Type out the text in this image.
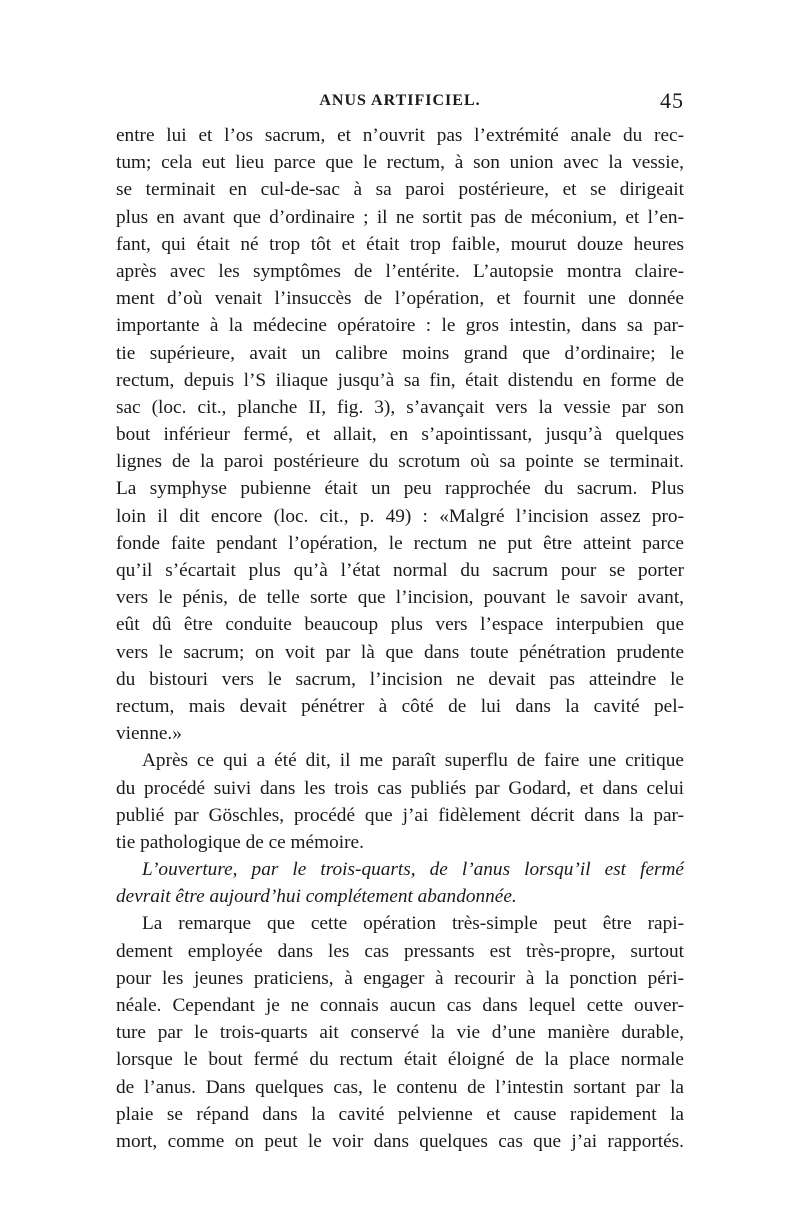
ANUS ARTIFICIEL.	45
entre lui et l’os sacrum, et n’ouvrit pas l’extrémité anale du rec-
tum; cela eut lieu parce que le rectum, à son union avec la vessie,
se terminait en cul-de-sac à sa paroi postérieure, et se dirigeait
plus en avant que d’ordinaire ; il ne sortit pas de méconium, et l’en-
fant, qui était né trop tôt et était trop faible, mourut douze heures
après avec les symptômes de l’entérite. L’autopsie montra claire-
ment d’où venait l’insuccès de l’opération, et fournit une donnée
importante à la médecine opératoire : le gros intestin, dans sa par-
tie supérieure, avait un calibre moins grand que d’ordinaire; le
rectum, depuis l’S iliaque jusqu’à sa fin, était distendu en forme de
sac (loc. cit., planche II, fig. 3), s’avançait vers la vessie par son
bout inférieur fermé, et allait, en s’apointissant, jusqu’à quelques
lignes de la paroi postérieure du scrotum où sa pointe se terminait.
La symphyse pubienne était un peu rapprochée du sacrum. Plus
loin il dit encore (loc. cit., p. 49) : «Malgré l’incision assez pro-
fonde faite pendant l’opération, le rectum ne put être atteint parce
qu’il s’écartait plus qu’à l’état normal du sacrum pour se porter
vers le pénis, de telle sorte que l’incision, pouvant le savoir avant,
eût dû être conduite beaucoup plus vers l’espace interpubien que
vers le sacrum; on voit par là que dans toute pénétration prudente
du bistouri vers le sacrum, l’incision ne devait pas atteindre le
rectum, mais devait pénétrer à côté de lui dans la cavité pel-
vienne.»
Après ce qui a été dit, il me paraît superflu de faire une critique
du procédé suivi dans les trois cas publiés par Godard, et dans celui
publié par Göschles, procédé que j’ai fidèlement décrit dans la par-
tie pathologique de ce mémoire.
L’ouverture, par le trois-quarts, de l’anus lorsqu’il est fermé
devrait être aujourd’hui complétement abandonnée.
La remarque que cette opération très-simple peut être rapi-
dement employée dans les cas pressants est très-propre, surtout
pour les jeunes praticiens, à engager à recourir à la ponction péri-
néale. Cependant je ne connais aucun cas dans lequel cette ouver-
ture par le trois-quarts ait conservé la vie d’une manière durable,
lorsque le bout fermé du rectum était éloigné de la place normale
de l’anus. Dans quelques cas, le contenu de l’intestin sortant par la
plaie se répand dans la cavité pelvienne et cause rapidement la
mort, comme on peut le voir dans quelques cas que j’ai rapportés.
